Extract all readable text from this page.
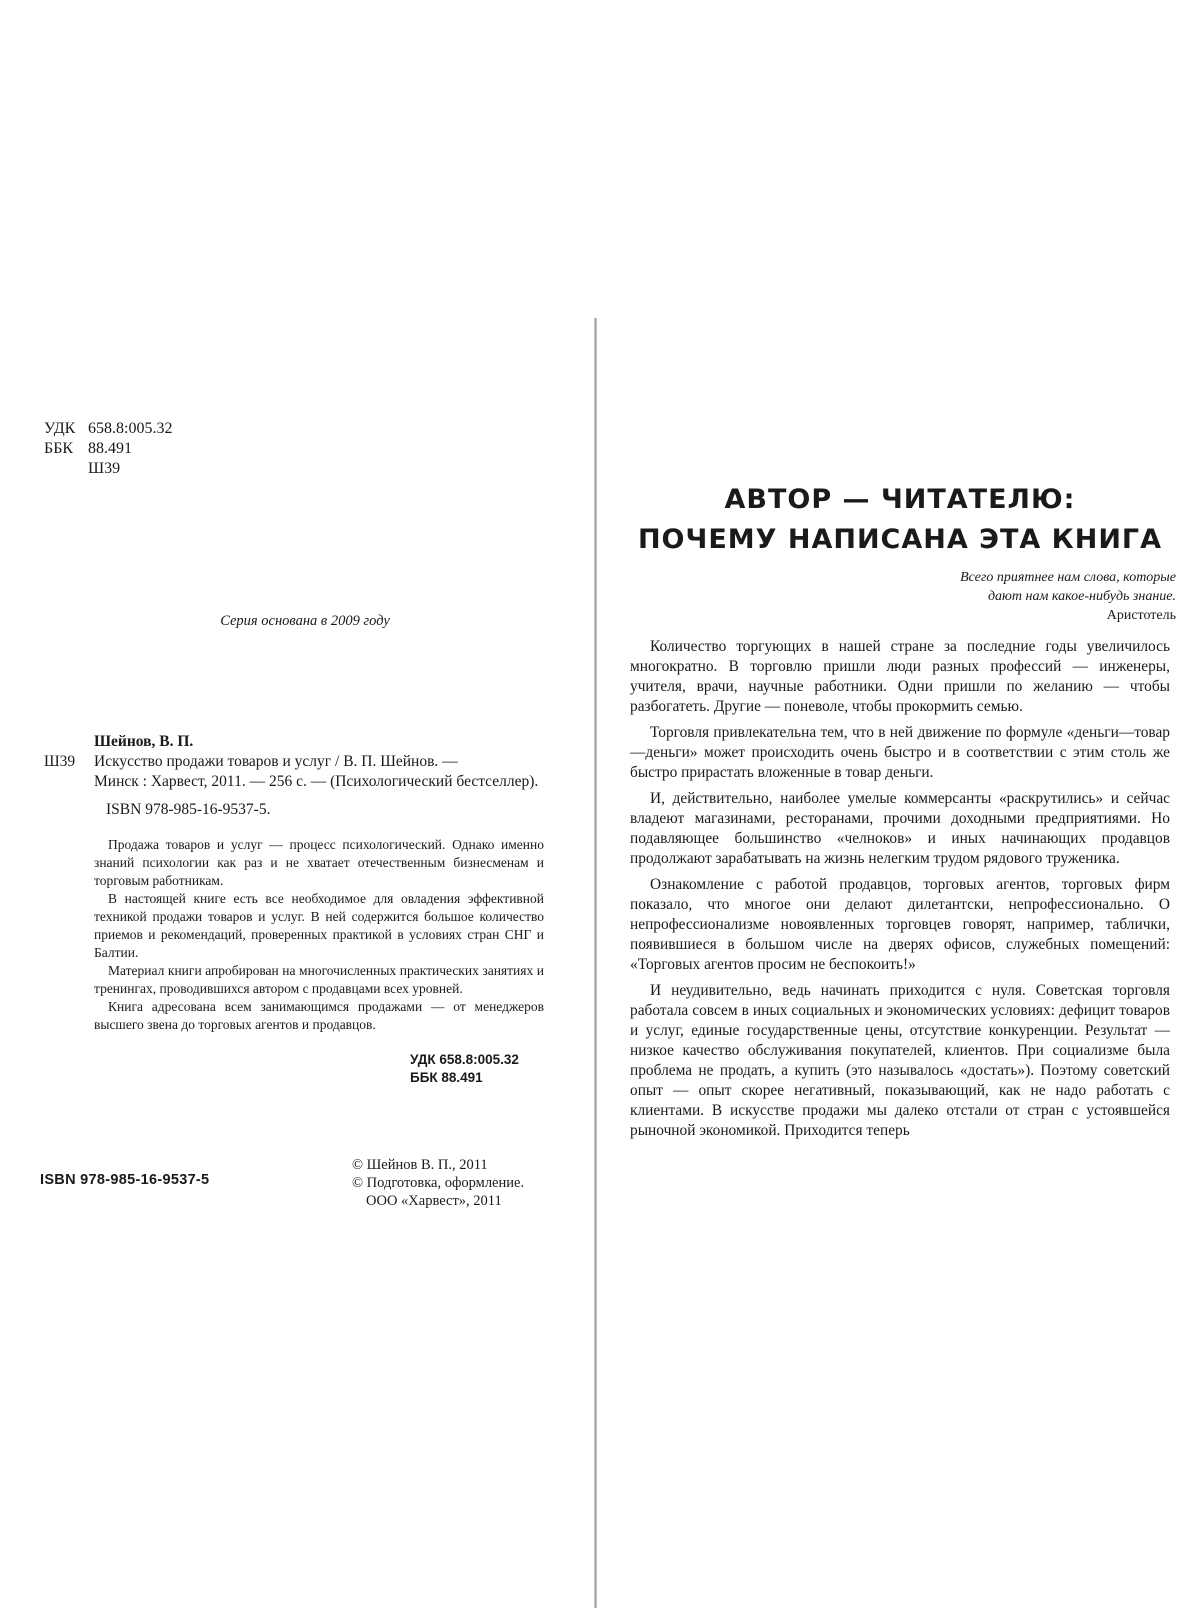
УДК 658.8:005.32
ББК 88.491
Ш39
Серия основана в 2009 году
Шейнов, В. П.
Ш39	Искусство продажи товаров и услуг / В. П. Шейнов. —
Минск : Харвест, 2011. — 256 с. — (Психологический бестселлер).
ISBN 978-985-16-9537-5.

Продажа товаров и услуг — процесс психологический. Однако именно знаний психологии как раз и не хватает отечественным бизнесменам и торговым работникам.

В настоящей книге есть все необходимое для овладения эффективной техникой продажи товаров и услуг. В ней содержится большое количество приемов и рекомендаций, проверенных практикой в условиях стран СНГ и Балтии.

Материал книги апробирован на многочисленных практических занятиях и тренингах, проводившихся автором с продавцами всех уровней.

Книга адресована всем занимающимся продажами — от менеджеров высшего звена до торговых агентов и продавцов.

УДК 658.8:005.32
ББК 88.491
ISBN 978-985-16-9537-5
© Шейнов В. П., 2011
© Подготовка, оформление.
ООО «Харвест», 2011
АВТОР — ЧИТАТЕЛЮ:
ПОЧЕМУ НАПИСАНА ЭТА КНИГА
Всего приятнее нам слова, которые
дают нам какое-нибудь знание.
Аристотель

Количество торгующих в нашей стране за последние годы увеличилось многократно. В торговлю пришли люди разных профессий — инженеры, учителя, врачи, научные работники. Одни пришли по желанию — чтобы разбогатеть. Другие — поневоле, чтобы прокормить семью.

Торговля привлекательна тем, что в ней движение по формуле «деньги—товар—деньги» может происходить очень быстро и в соответствии с этим столь же быстро прирастать вложенные в товар деньги.

И, действительно, наиболее умелые коммерсанты «раскрутились» и сейчас владеют магазинами, ресторанами, прочими доходными предприятиями. Но подавляющее большинство «челноков» и иных начинающих продавцов продолжают зарабатывать на жизнь нелегким трудом рядового труженика.

Ознакомление с работой продавцов, торговых агентов, торговых фирм показало, что многое они делают дилетантски, непрофессионально. О непрофессионализме новоявленных торговцев говорят, например, таблички, появившиеся в большом числе на дверях офисов, служебных помещений: «Торговых агентов просим не беспокоить!»

И неудивительно, ведь начинать приходится с нуля. Советская торговля работала совсем в иных социальных и экономических условиях: дефицит товаров и услуг, единые государственные цены, отсутствие конкуренции. Результат — низкое качество обслуживания покупателей, клиентов. При социализме была проблема не продать, а купить (это называлось «достать»). Поэтому советский опыт — опыт скорее негативный, показывающий, как не надо работать с клиентами. В искусстве продажи мы далеко отстали от стран с устоявшейся рыночной экономикой. Приходится теперь
